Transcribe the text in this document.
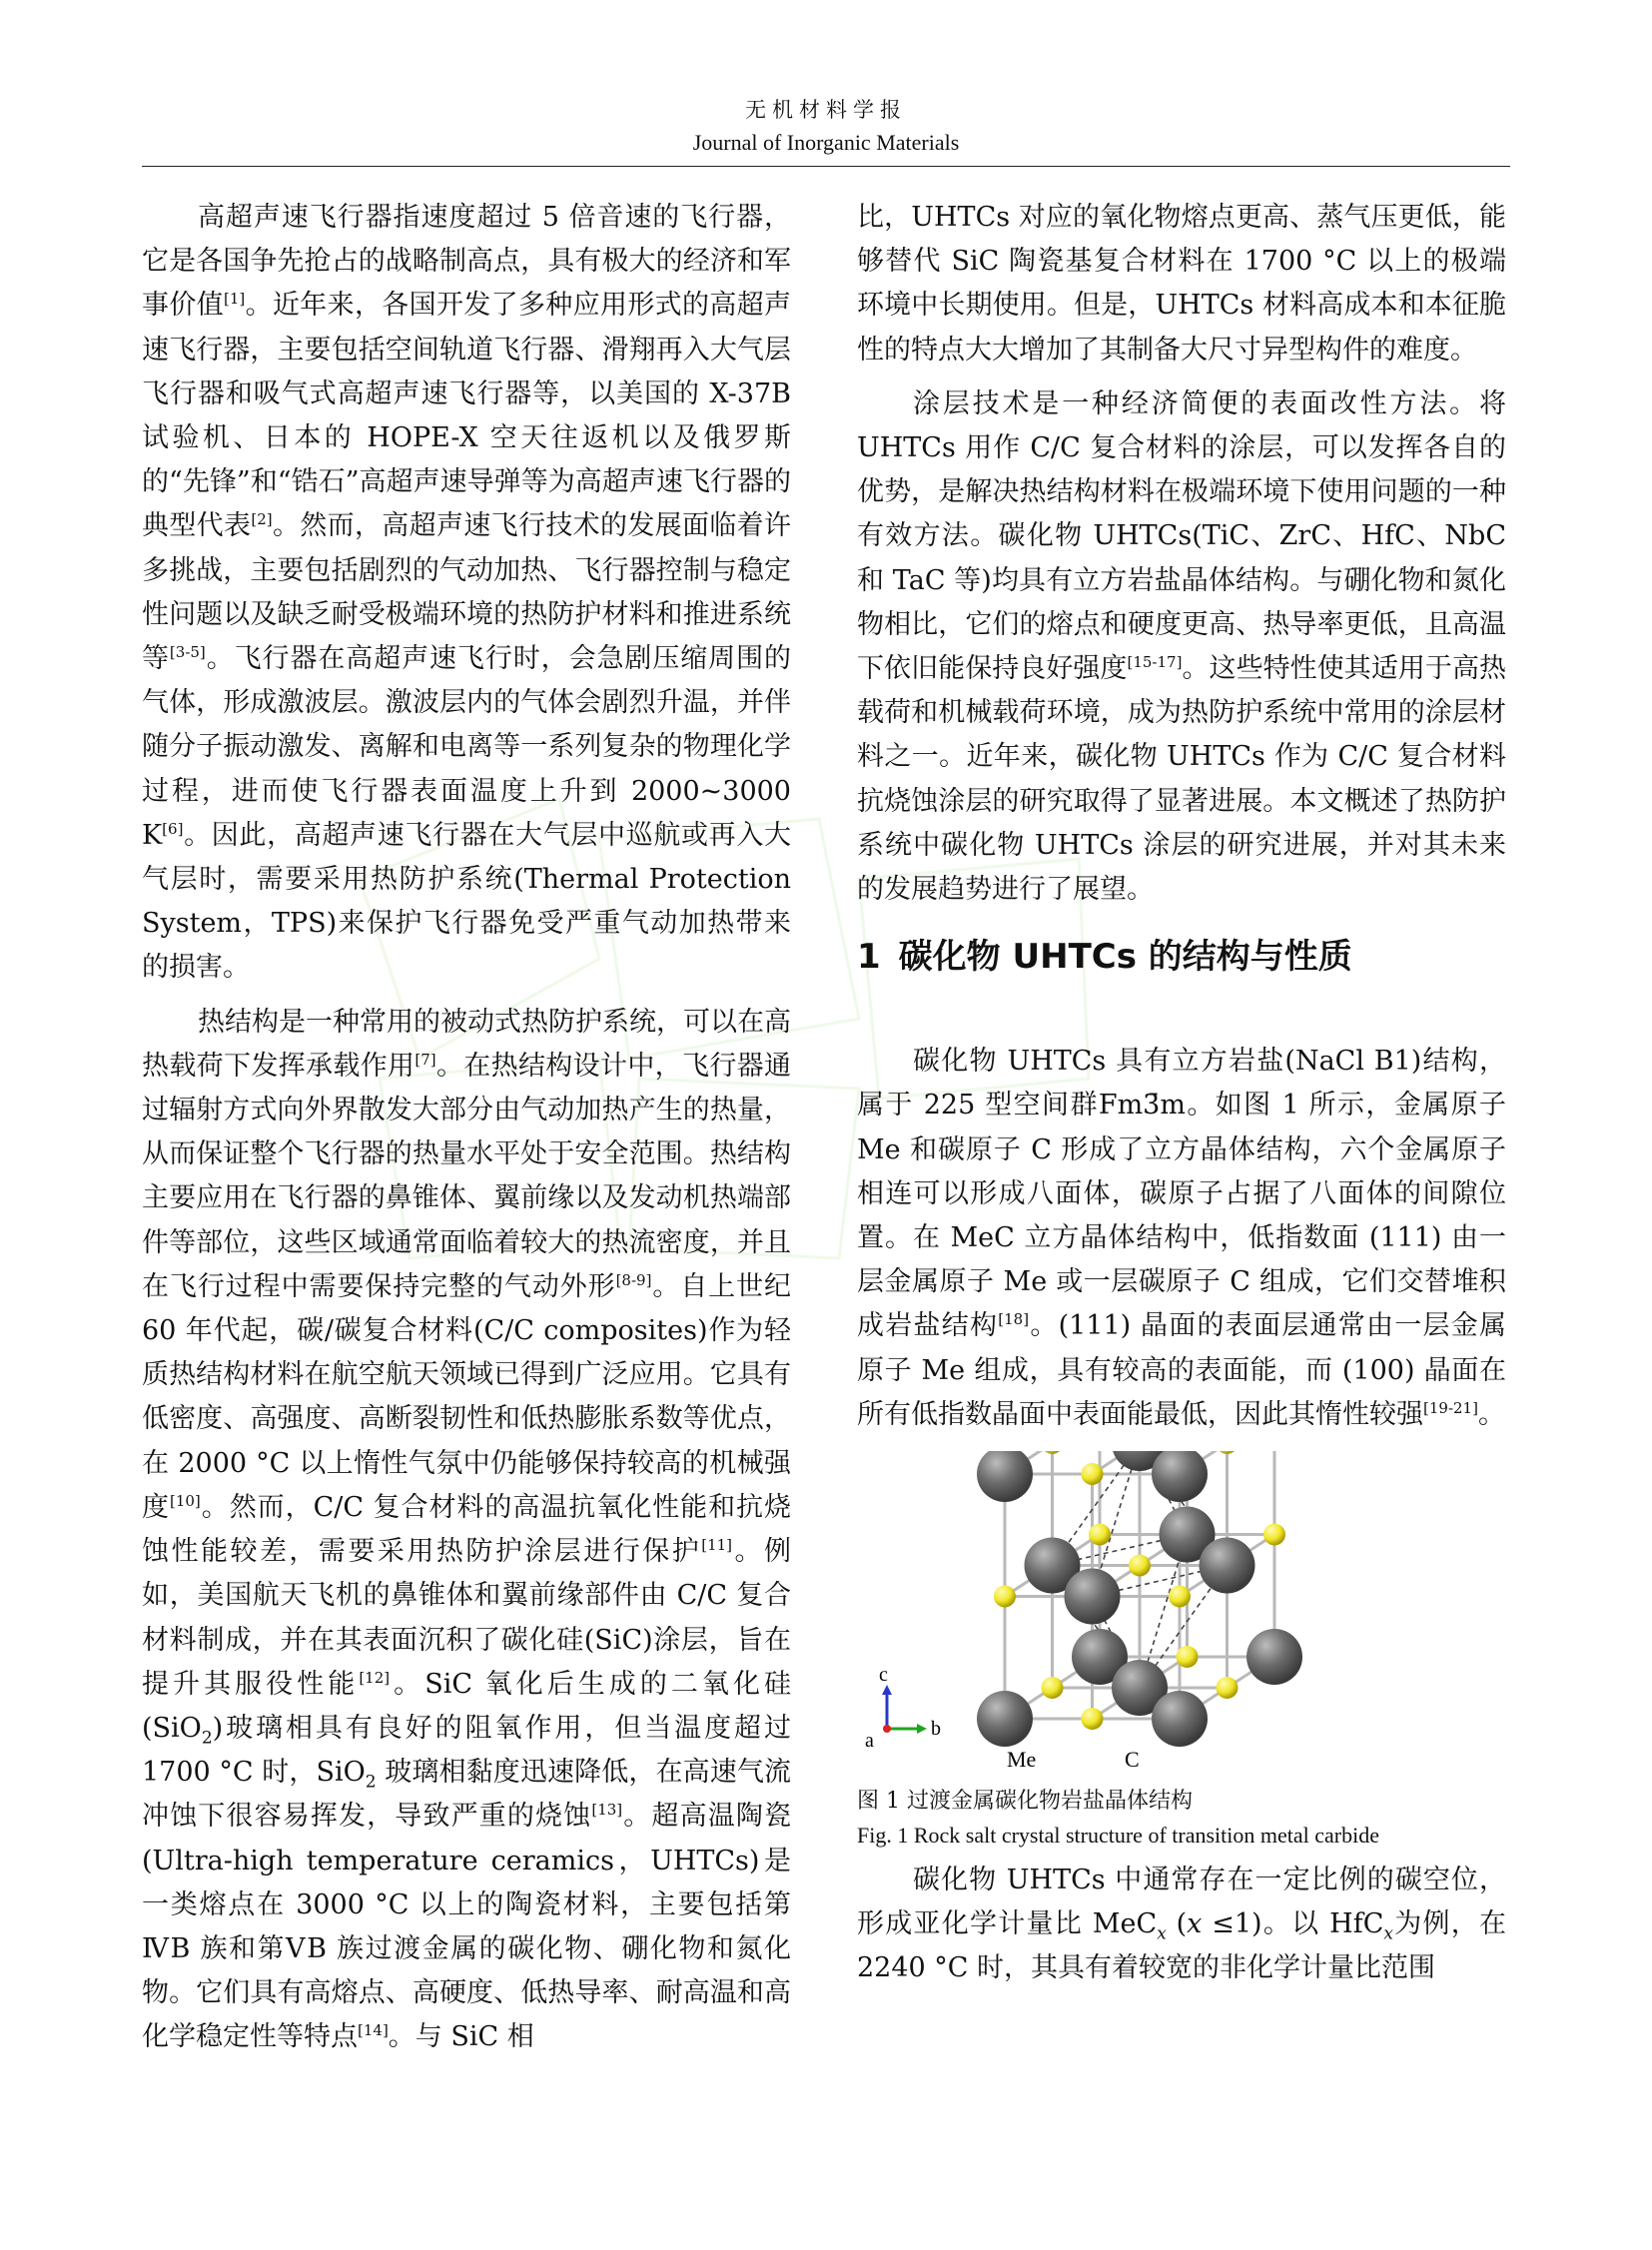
无机材料学报
Journal of Inorganic Materials

高超声速飞行器指速度超过 5 倍音速的飞行器，它是各国争先抢占的战略制高点，具有极大的经济和军事价值[1]。近年来，各国开发了多种应用形式的高超声速飞行器，主要包括空间轨道飞行器、滑翔再入大气层飞行器和吸气式高超声速飞行器等，以美国的 X-37B 试验机、日本的 HOPE-X 空天往返机以及俄罗斯的“先锋”和“锆石”高超声速导弹等为高超声速飞行器的典型代表[2]。然而，高超声速飞行技术的发展面临着许多挑战，主要包括剧烈的气动加热、飞行器控制与稳定性问题以及缺乏耐受极端环境的热防护材料和推进系统等[3-5]。飞行器在高超声速飞行时，会急剧压缩周围的气体，形成激波层。激波层内的气体会剧烈升温，并伴随分子振动激发、离解和电离等一系列复杂的物理化学过程，进而使飞行器表面温度上升到 2000~3000 K[6]。因此，高超声速飞行器在大气层中巡航或再入大气层时，需要采用热防护系统(Thermal Protection System，TPS)来保护飞行器免受严重气动加热带来的损害。

热结构是一种常用的被动式热防护系统，可以在高热载荷下发挥承载作用[7]。在热结构设计中，飞行器通过辐射方式向外界散发大部分由气动加热产生的热量，从而保证整个飞行器的热量水平处于安全范围。热结构主要应用在飞行器的鼻锥体、翼前缘以及发动机热端部件等部位，这些区域通常面临着较大的热流密度，并且在飞行过程中需要保持完整的气动外形[8-9]。自上世纪 60 年代起，碳/碳复合材料(C/C composites)作为轻质热结构材料在航空航天领域已得到广泛应用。它具有低密度、高强度、高断裂韧性和低热膨胀系数等优点，在 2000 °C 以上惰性气氛中仍能够保持较高的机械强度[10]。然而，C/C 复合材料的高温抗氧化性能和抗烧蚀性能较差，需要采用热防护涂层进行保护[11]。例如，美国航天飞机的鼻锥体和翼前缘部件由 C/C 复合材料制成，并在其表面沉积了碳化硅(SiC)涂层，旨在提升其服役性能[12]。SiC 氧化后生成的二氧化硅(SiO$_2$)玻璃相具有良好的阻氧作用，但当温度超过 1700 °C 时，SiO$_2$ 玻璃相黏度迅速降低，在高速气流冲蚀下很容易挥发，导致严重的烧蚀[13]。超高温陶瓷(Ultra-high temperature ceramics，UHTCs)是一类熔点在 3000 °C 以上的陶瓷材料，主要包括第ⅣB 族和第ⅤB 族过渡金属的碳化物、硼化物和氮化物。它们具有高熔点、高硬度、低热导率、耐高温和高化学稳定性等特点[14]。与 SiC 相

比，UHTCs 对应的氧化物熔点更高、蒸气压更低，能够替代 SiC 陶瓷基复合材料在 1700 °C 以上的极端环境中长期使用。但是，UHTCs 材料高成本和本征脆性的特点大大增加了其制备大尺寸异型构件的难度。

涂层技术是一种经济简便的表面改性方法。将 UHTCs 用作 C/C 复合材料的涂层，可以发挥各自的优势，是解决热结构材料在极端环境下使用问题的一种有效方法。碳化物 UHTCs(TiC、ZrC、HfC、NbC 和 TaC 等)均具有立方岩盐晶体结构。与硼化物和氮化物相比，它们的熔点和硬度更高、热导率更低，且高温下依旧能保持良好强度[15-17]。这些特性使其适用于高热载荷和机械载荷环境，成为热防护系统中常用的涂层材料之一。近年来，碳化物 UHTCs 作为 C/C 复合材料抗烧蚀涂层的研究取得了显著进展。本文概述了热防护系统中碳化物 UHTCs 涂层的研究进展，并对其未来的发展趋势进行了展望。

1 碳化物 UHTCs 的结构与性质

碳化物 UHTCs 具有立方岩盐(NaCl B1)结构，属于 225 型空间群Fm3̄m。如图 1 所示，金属原子 Me 和碳原子 C 形成了立方晶体结构，六个金属原子相连可以形成八面体，碳原子占据了八面体的间隙位置。在 MeC 立方晶体结构中，低指数面 (111) 由一层金属原子 Me 或一层碳原子 C 组成，它们交替堆积成岩盐结构[18]。(111) 晶面的表面层通常由一层金属原子 Me 组成，具有较高的表面能，而 (100) 晶面在所有低指数晶面中表面能最低，因此其惰性较强[19-21]。

c
a
b
Me	C
图 1 过渡金属碳化物岩盐晶体结构
Fig. 1 Rock salt crystal structure of transition metal carbide

碳化物 UHTCs 中通常存在一定比例的碳空位，形成亚化学计量比 MeC$_x$ (x ≤1)。以 HfC$_x$为例，在 2240 °C 时，其具有着较宽的非化学计量比范围
